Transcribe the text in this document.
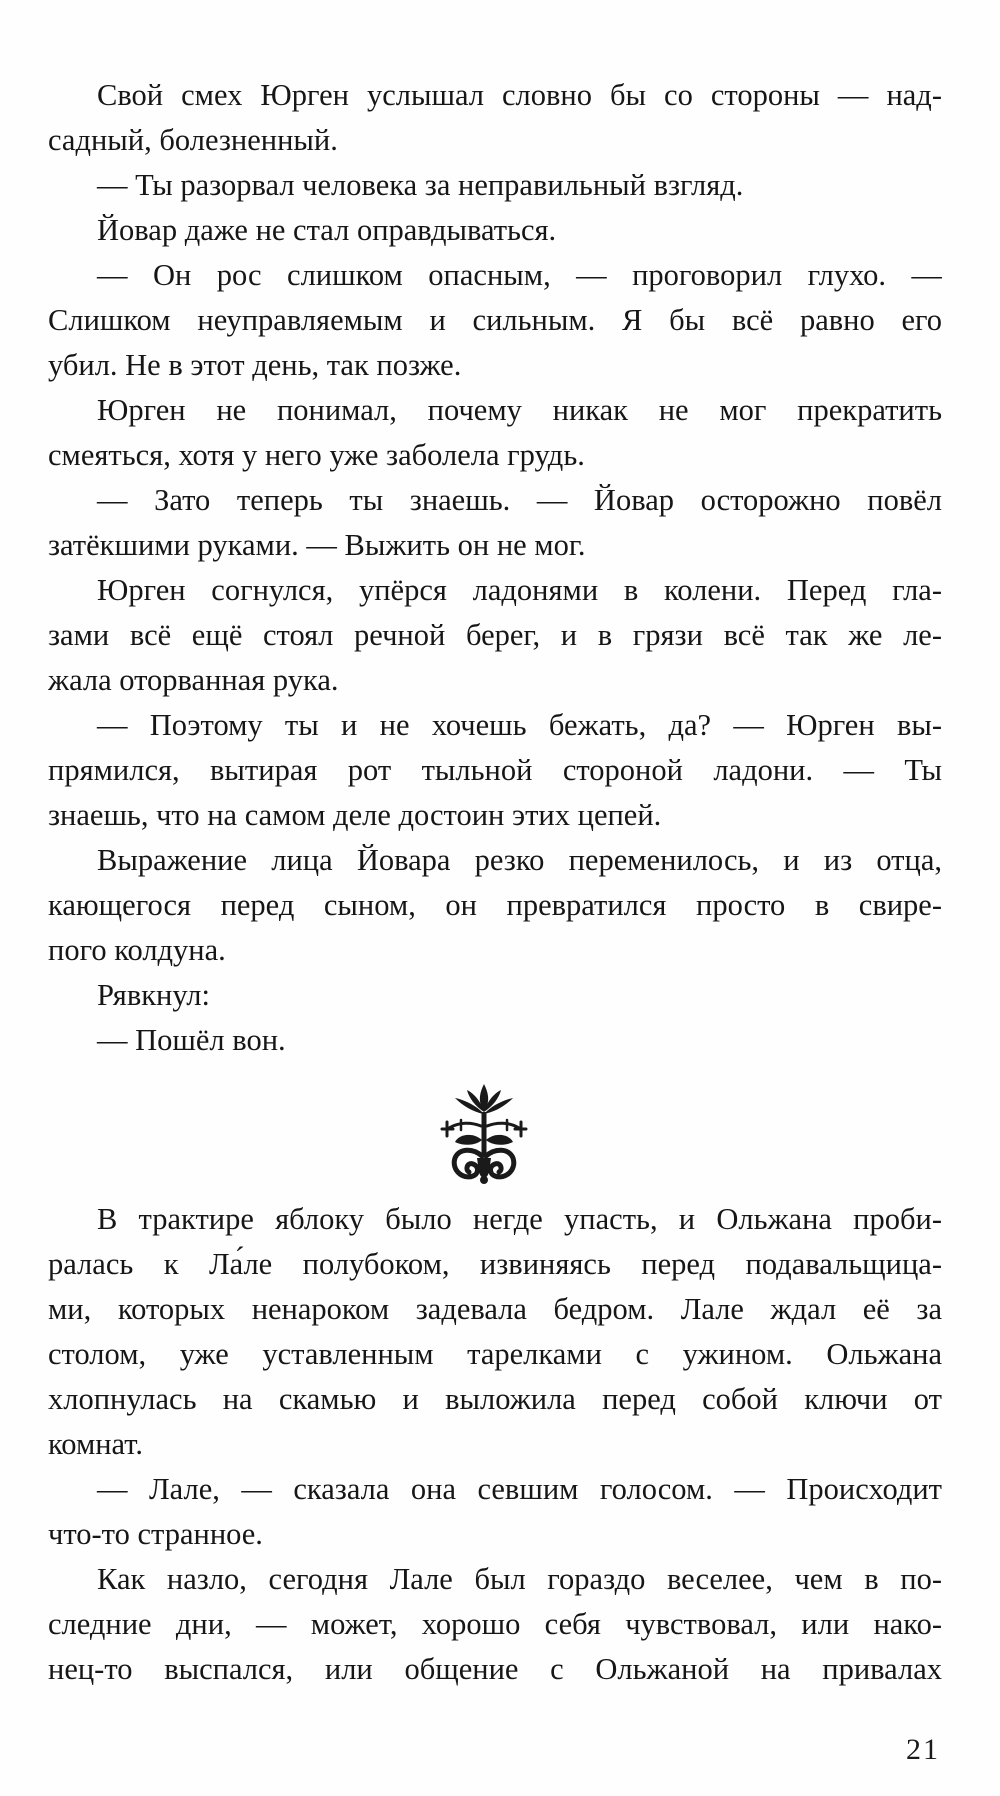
Свой смех Юрген услышал словно бы со стороны — над-
садный, болезненный.
— Ты разорвал человека за неправильный взгляд.
Йовар даже не стал оправдываться.
— Он рос слишком опасным, — проговорил глухо. —
Слишком неуправляемым и сильным. Я бы всё равно его
убил. Не в этот день, так позже.
Юрген не понимал, почему никак не мог прекратить
смеяться, хотя у него уже заболела грудь.
— Зато теперь ты знаешь. — Йовар осторожно повёл
затёкшими руками. — Выжить он не мог.
Юрген согнулся, упёрся ладонями в колени. Перед гла-
зами всё ещё стоял речной берег, и в грязи всё так же ле-
жала оторванная рука.
— Поэтому ты и не хочешь бежать, да? — Юрген вы-
прямился, вытирая рот тыльной стороной ладони. — Ты
знаешь, что на самом деле достоин этих цепей.
Выражение лица Йовара резко переменилось, и из отца,
кающегося перед сыном, он превратился просто в свире-
пого колдуна.
Рявкнул:
— Пошёл вон.
В трактире яблоку было негде упасть, и Ольжана проби-
ралась к Ла́ле полубоком, извиняясь перед подавальщица-
ми, которых ненароком задевала бедром. Лале ждал её за
столом, уже уставленным тарелками с ужином. Ольжана
хлопнулась на скамью и выложила перед собой ключи от
комнат.
— Лале, — сказала она севшим голосом. — Происходит
что-то странное.
Как назло, сегодня Лале был гораздо веселее, чем в по-
следние дни, — может, хорошо себя чувствовал, или нако-
нец-то выспался, или общение с Ольжаной на привалах
21
